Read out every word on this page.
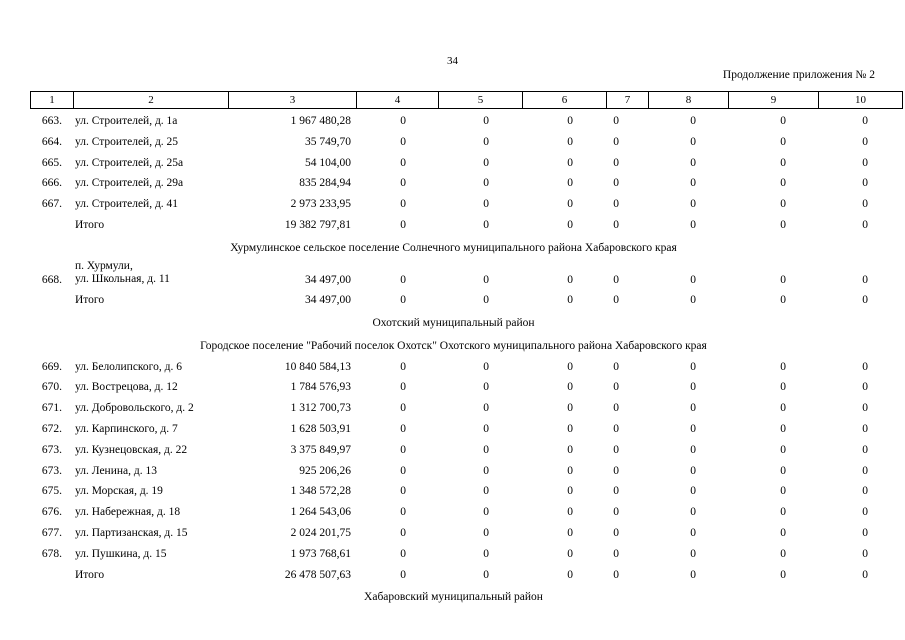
34
Продолжение приложения № 2
1	2	3	4	5	6	7	8	9	10
663. ул. Строителей, д. 1а	1 967 480,28	0	0	0	0	0	0	0
664. ул. Строителей, д. 25	35 749,70	0	0	0	0	0	0	0
665. ул. Строителей, д. 25а	54 104,00	0	0	0	0	0	0	0
666. ул. Строителей, д. 29а	835 284,94	0	0	0	0	0	0	0
667. ул. Строителей, д. 41	2 973 233,95	0	0	0	0	0	0	0
Итого	19 382 797,81	0	0	0	0	0	0	0
Хурмулинское сельское поселение Солнечного муниципального района Хабаровского края
668.
п. Хурмули,
ул. Школьная, д. 11	34 497,00	0	0	0	0	0	0	0
Итого	34 497,00	0	0	0	0	0	0	0
Охотский муниципальный район
Городское поселение "Рабочий поселок Охотск" Охотского муниципального района Хабаровского края
669. ул. Белолипского, д. 6	10 840 584,13	0	0	0	0	0	0	0
670. ул. Вострецова, д. 12	1 784 576,93	0	0	0	0	0	0	0
671. ул. Добровольского, д. 2	1 312 700,73	0	0	0	0	0	0	0
672. ул. Карпинского, д. 7	1 628 503,91	0	0	0	0	0	0	0
673. ул. Кузнецовская, д. 22	3 375 849,97	0	0	0	0	0	0	0
673. ул. Ленина, д. 13	925 206,26	0	0	0	0	0	0	0
675. ул. Морская, д. 19	1 348 572,28	0	0	0	0	0	0	0
676. ул. Набережная, д. 18	1 264 543,06	0	0	0	0	0	0	0
677. ул. Партизанская, д. 15	2 024 201,75	0	0	0	0	0	0	0
678. ул. Пушкина, д. 15	1 973 768,61	0	0	0	0	0	0	0
Итого	26 478 507,63	0	0	0	0	0	0	0
Хабаровский муниципальный район
